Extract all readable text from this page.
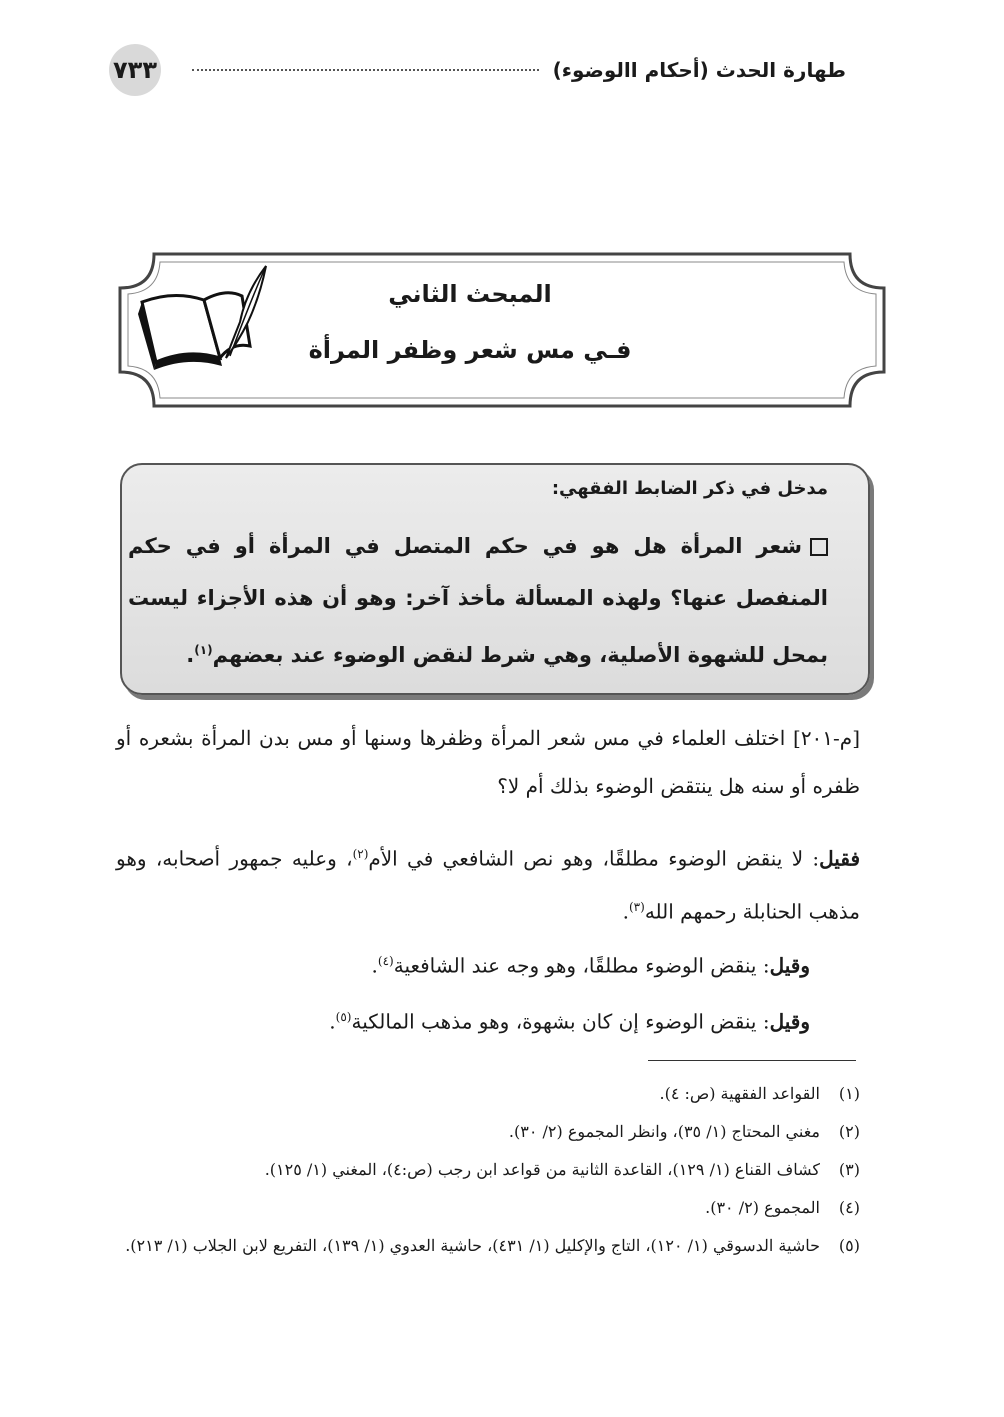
٧٣٣	طهارة الحدث (أحكام االوضوء)
المبحث الثاني
فـي مس شعر وظفر المرأة
مدخل في ذكر الضابط الفقهي:
شعر المرأة هل هو في حكم المتصل في المرأة أو في حكم المنفصل عنها؟ ولهذه المسألة مأخذ آخر: وهو أن هذه الأجزاء ليست بمحل للشهوة الأصلية، وهي شرط لنقض الوضوء عند بعضهم$^{(١)}$.
[م-٢٠١] اختلف العلماء في مس شعر المرأة وظفرها وسنها أو مس بدن المرأة بشعره أو ظفره أو سنه هل ينتقض الوضوء بذلك أم لا؟
فقيل: لا ينقض الوضوء مطلقًا، وهو نص الشافعي في الأم$^{(٢)}$، وعليه جمهور أصحابه، وهو مذهب الحنابلة رحمهم الله$^{(٣)}$.
وقيل: ينقض الوضوء مطلقًا، وهو وجه عند الشافعية$^{(٤)}$.
وقيل: ينقض الوضوء إن كان بشهوة، وهو مذهب المالكية$^{(٥)}$.
(١)
القواعد الفقهية (ص: ٤).
(٢)
مغني المحتاج (١/ ٣٥)، وانظر المجموع (٢/ ٣٠).
(٣)
كشاف القناع (١/ ١٢٩)، القاعدة الثانية من قواعد ابن رجب (ص:٤)، المغني (١/ ١٢٥).
(٤)
المجموع (٢/ ٣٠).
(٥)
حاشية الدسوقي (١/ ١٢٠)، التاج والإكليل (١/ ٤٣١)، حاشية العدوي (١/ ١٣٩)، التفريع لابن الجلاب (١/ ٢١٣).
